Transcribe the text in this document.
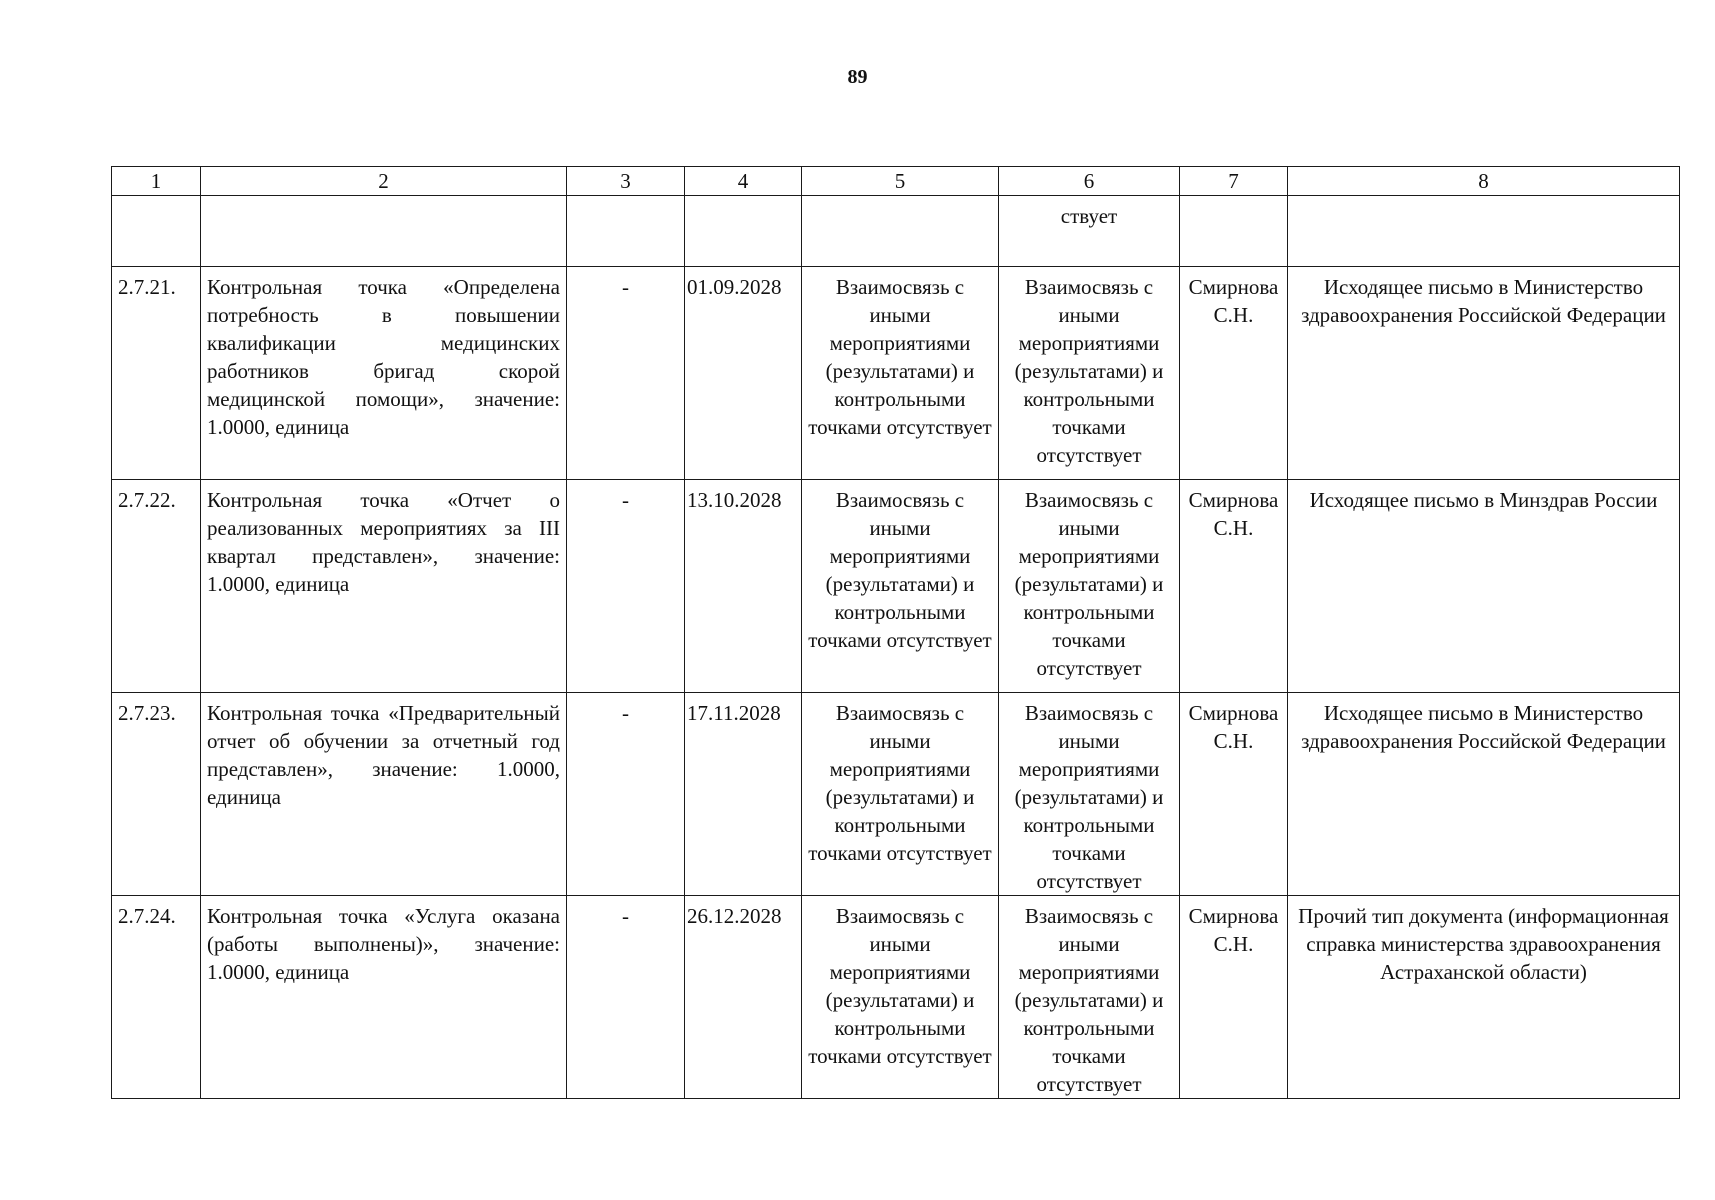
89
1	2	3	4	5	6	7	8
					ствует		
2.7.21.	Контрольная точка «Определена потребность в повышении квалификации медицинских работников бригад скорой медицинской помощи», значение: 1.0000, единица	-	01.09.2028	Взаимосвязь с иными мероприятиями (результатами) и контрольными точками отсутствует	Взаимосвязь с иными мероприятиями (результатами) и контрольными точками отсутствует	Смирнова С.Н.	Исходящее письмо в Министерство здравоохранения Российской Федерации
2.7.22.	Контрольная точка «Отчет о реализованных мероприятиях за III квартал представлен», значение: 1.0000, единица	-	13.10.2028	Взаимосвязь с иными мероприятиями (результатами) и контрольными точками отсутствует	Взаимосвязь с иными мероприятиями (результатами) и контрольными точками отсутствует	Смирнова С.Н.	Исходящее письмо в Минздрав России
2.7.23.	Контрольная точка «Предварительный отчет об обучении за отчетный год представлен», значение: 1.0000, единица	-	17.11.2028	Взаимосвязь с иными мероприятиями (результатами) и контрольными точками отсутствует	Взаимосвязь с иными мероприятиями (результатами) и контрольными точками отсутствует	Смирнова С.Н.	Исходящее письмо в Министерство здравоохранения Российской Федерации
2.7.24.	Контрольная точка «Услуга оказана (работы выполнены)», значение: 1.0000, единица	-	26.12.2028	Взаимосвязь с иными мероприятиями (результатами) и контрольными точками отсутствует	Взаимосвязь с иными мероприятиями (результатами) и контрольными точками отсутствует	Смирнова С.Н.	Прочий тип документа (информационная справка министерства здравоохранения Астраханской области)
